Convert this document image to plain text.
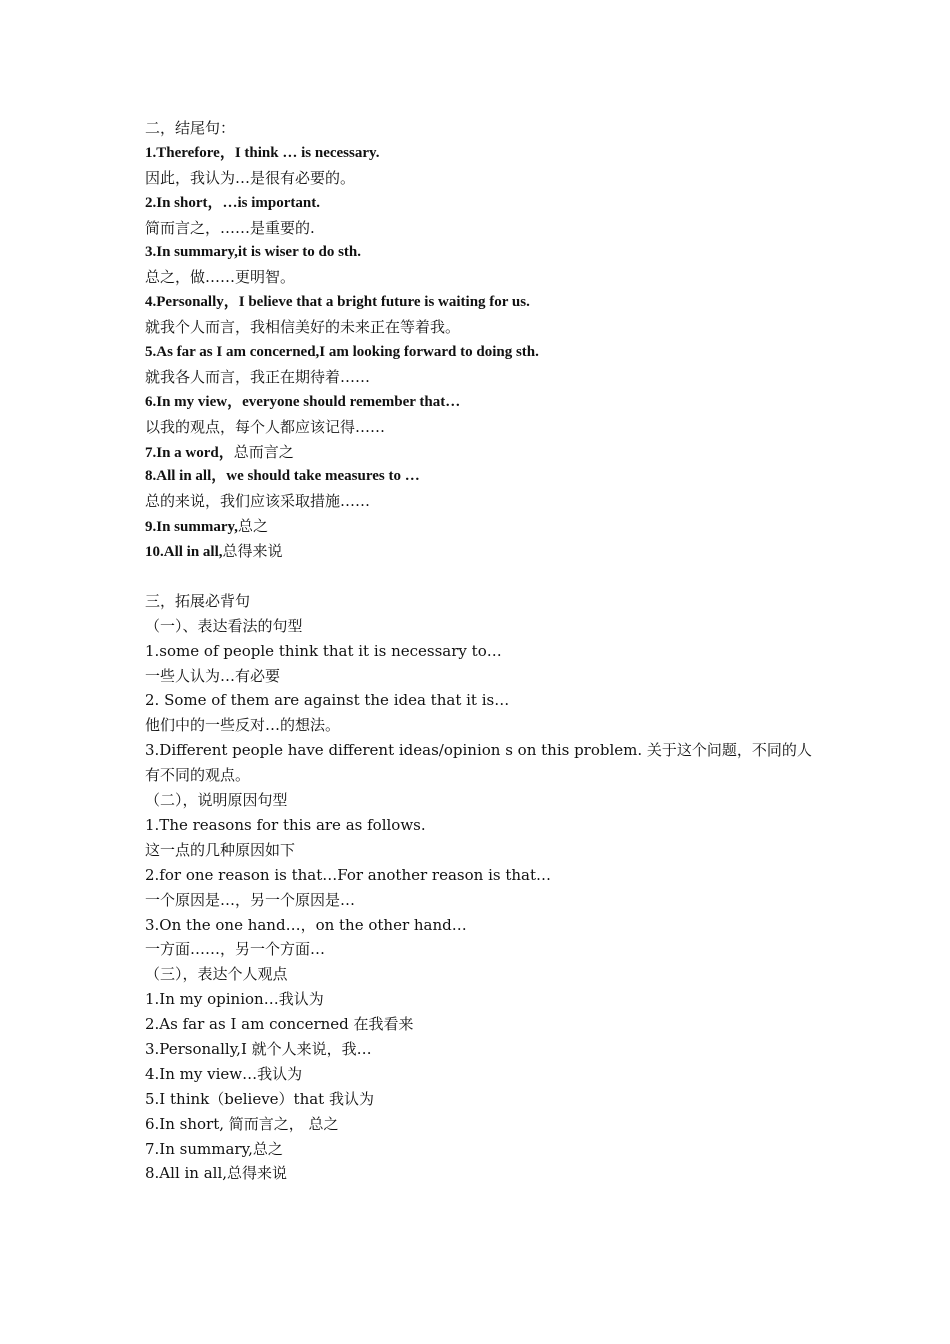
二，结尾句：
1.Therefore，I think … is necessary.
因此，我认为…是很有必要的。
2.In short，…is important.
简而言之，……是重要的.
3.In summary,it is wiser to do sth.
总之，做……更明智。
4.Personally，I believe that a bright future is waiting for us.
就我个人而言，我相信美好的未来正在等着我。
5.As far as I am concerned,I am looking forward to doing sth.
就我各人而言，我正在期待着……
6.In my view，everyone should remember that…
以我的观点，每个人都应该记得……
7.In a word，总而言之
8.All in all，we should take measures to …
总的来说，我们应该采取措施……
9.In summary,总之
10.All in all,总得来说
三，拓展必背句
（一）、表达看法的句型
1.some of people think that it is necessary to…
一些人认为…有必要
2. Some of them are against the idea that it is…
他们中的一些反对…的想法。
3.Different people have different ideas/opinion s on this problem. 关于这个问题，不同的人有不同的观点。
（二），说明原因句型
1.The reasons for this are as follows.
这一点的几种原因如下
2.for one reason is that…For another reason is that…
一个原因是…，另一个原因是…
3.On the one hand…，on the other hand…
一方面……，另一个方面…
（三），表达个人观点
1.In my opinion…我认为
2.As far as I am concerned 在我看来
3.Personally,I 就个人来说，我…
4.In my view…我认为
5.I think（believe）that 我认为
6.In short, 简而言之， 总之
7.In summary,总之
8.All in all,总得来说
